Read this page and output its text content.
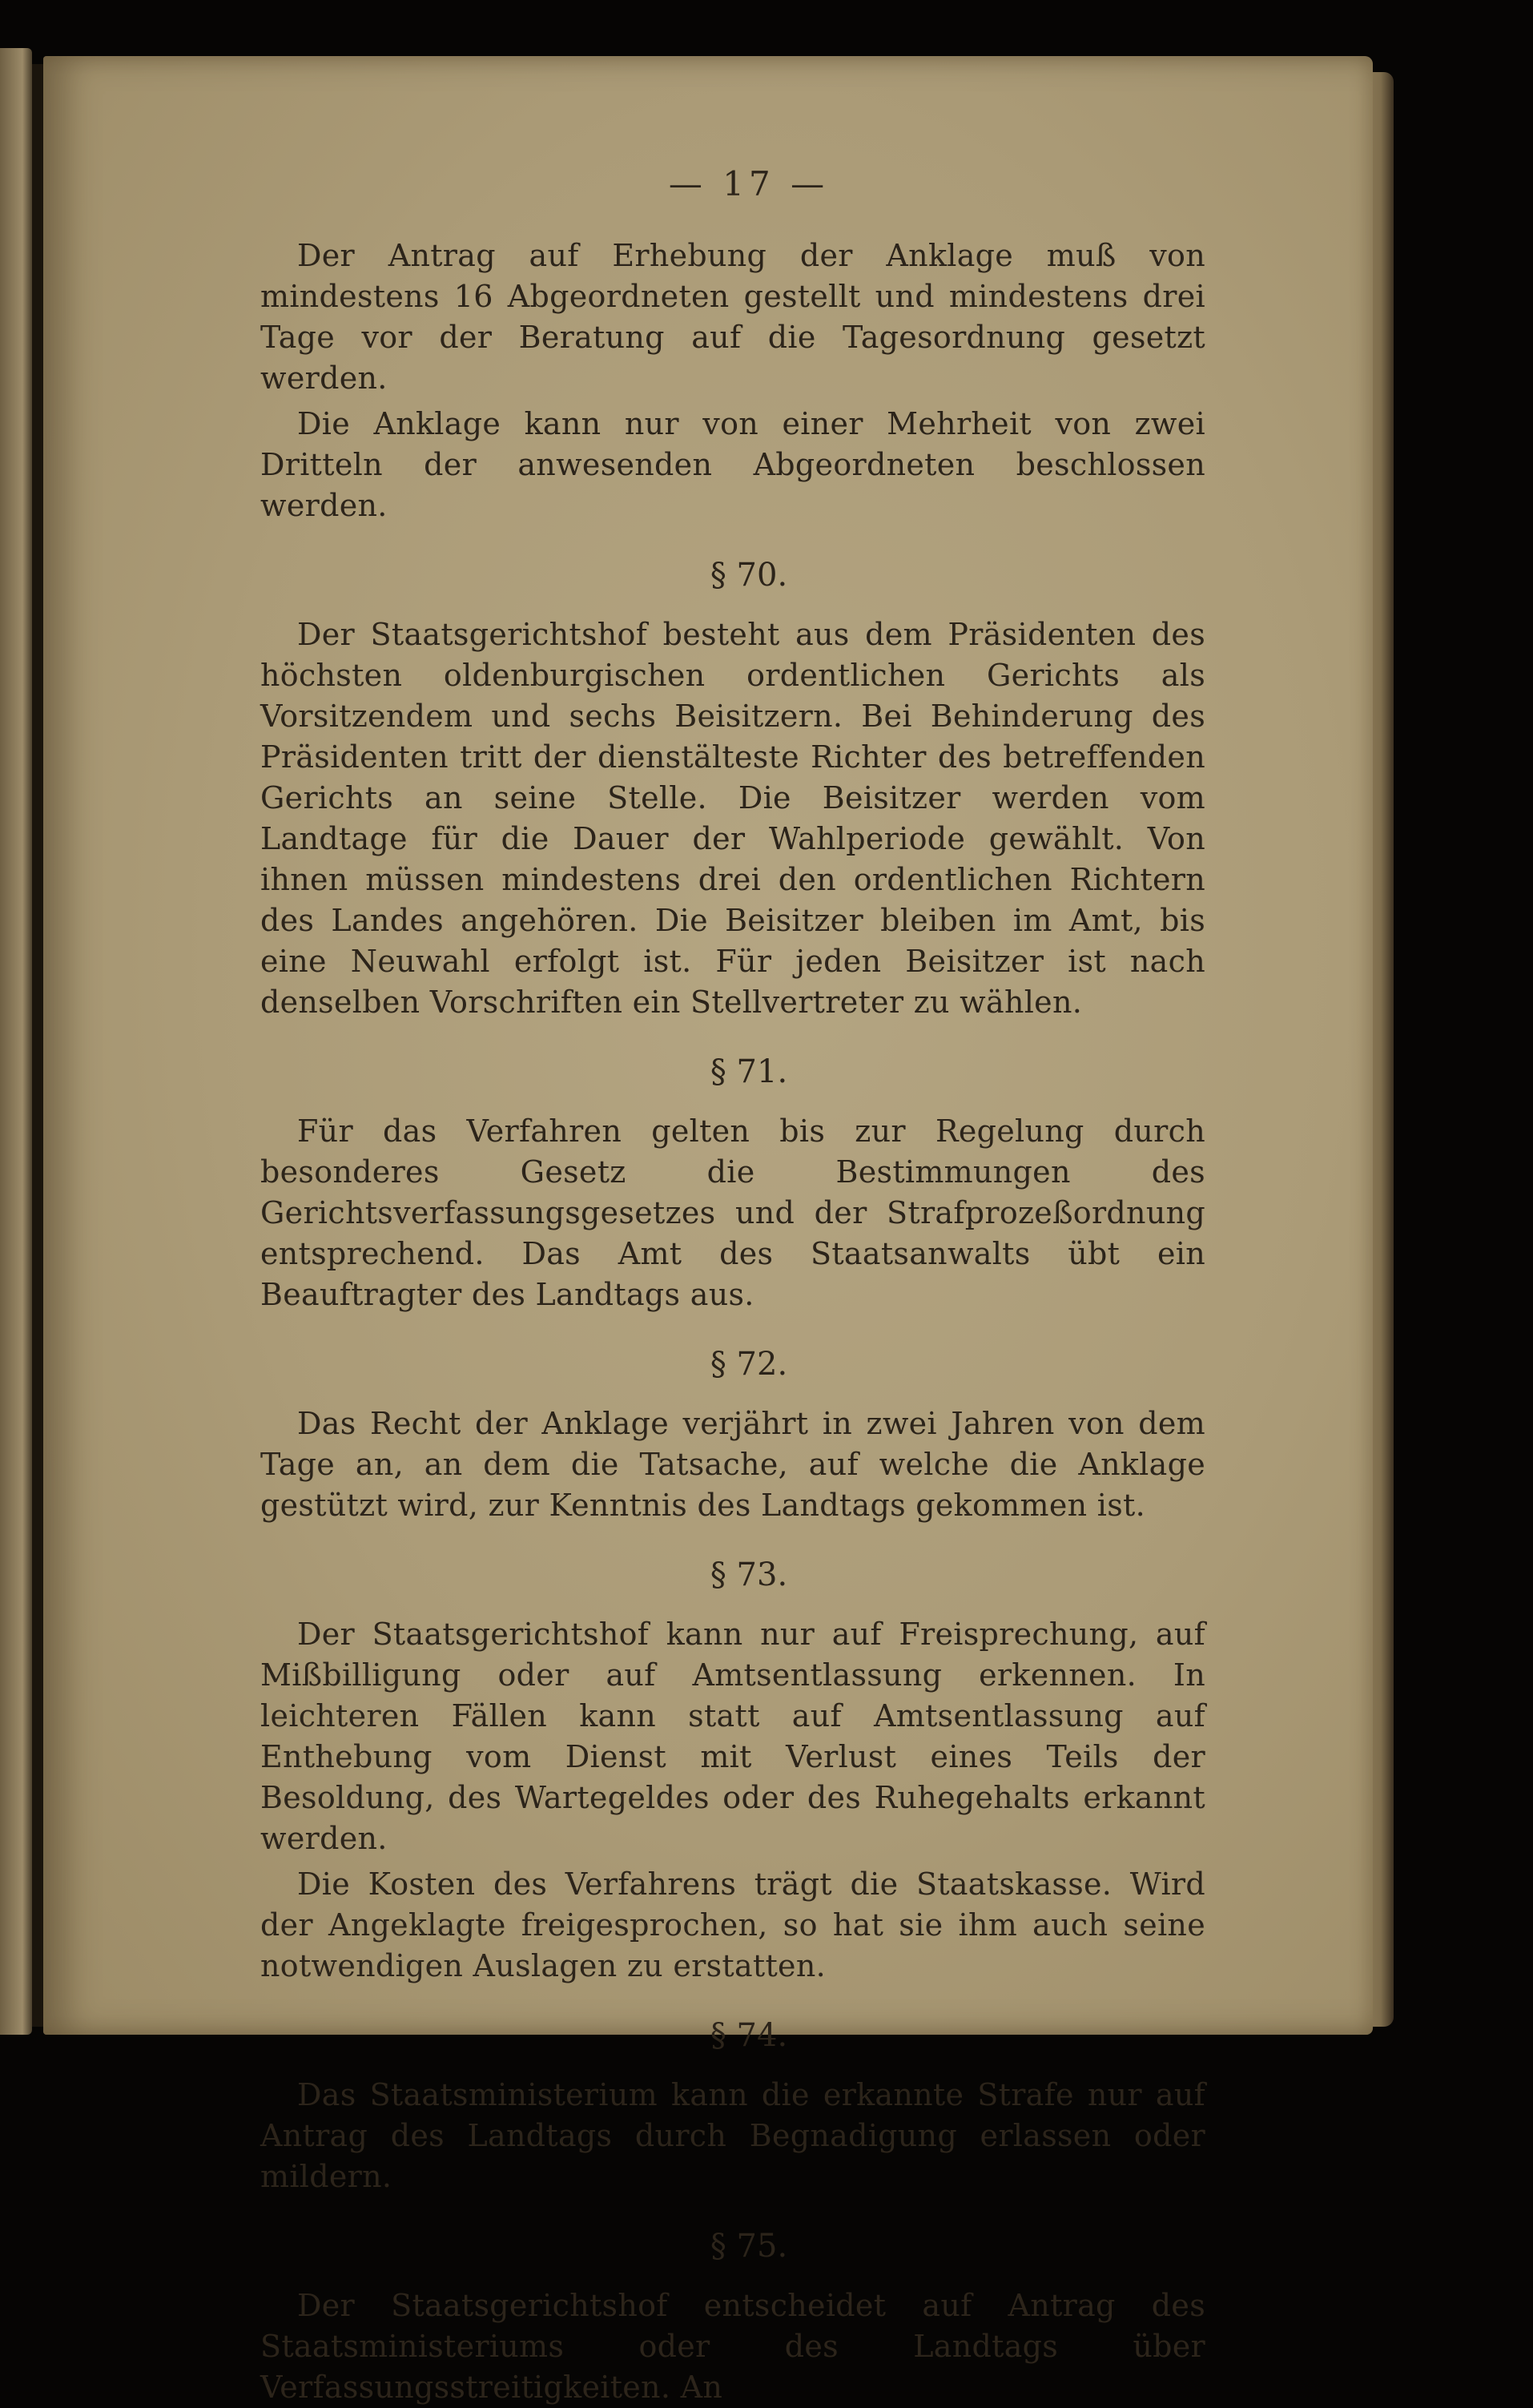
— 17 —

Der Antrag auf Erhebung der Anklage muß von mindestens 16 Abgeordneten gestellt und mindestens drei Tage vor der Beratung auf die Tagesordnung gesetzt werden.

Die Anklage kann nur von einer Mehrheit von zwei Dritteln der anwesenden Abgeordneten beschlossen werden.

§ 70.

Der Staatsgerichtshof besteht aus dem Präsidenten des höchsten oldenburgischen ordentlichen Gerichts als Vorsitzendem und sechs Beisitzern. Bei Behinderung des Präsidenten tritt der dienstälteste Richter des betreffenden Gerichts an seine Stelle. Die Beisitzer werden vom Landtage für die Dauer der Wahlperiode gewählt. Von ihnen müssen mindestens drei den ordentlichen Richtern des Landes angehören. Die Beisitzer bleiben im Amt, bis eine Neuwahl erfolgt ist. Für jeden Beisitzer ist nach denselben Vorschriften ein Stellvertreter zu wählen.

§ 71.

Für das Verfahren gelten bis zur Regelung durch besonderes Gesetz die Bestimmungen des Gerichtsverfassungsgesetzes und der Strafprozeßordnung entsprechend. Das Amt des Staatsanwalts übt ein Beauftragter des Landtags aus.

§ 72.

Das Recht der Anklage verjährt in zwei Jahren von dem Tage an, an dem die Tatsache, auf welche die Anklage gestützt wird, zur Kenntnis des Landtags gekommen ist.

§ 73.

Der Staatsgerichtshof kann nur auf Freisprechung, auf Mißbilligung oder auf Amtsentlassung erkennen. In leichteren Fällen kann statt auf Amtsentlassung auf Enthebung vom Dienst mit Verlust eines Teils der Besoldung, des Wartegeldes oder des Ruhegehalts erkannt werden.

Die Kosten des Verfahrens trägt die Staatskasse. Wird der Angeklagte freigesprochen, so hat sie ihm auch seine notwendigen Auslagen zu erstatten.

§ 74.

Das Staatsministerium kann die erkannte Strafe nur auf Antrag des Landtags durch Begnadigung erlassen oder mildern.

§ 75.

Der Staatsgerichtshof entscheidet auf Antrag des Staatsministeriums oder des Landtags über Verfassungsstreitigkeiten. An
